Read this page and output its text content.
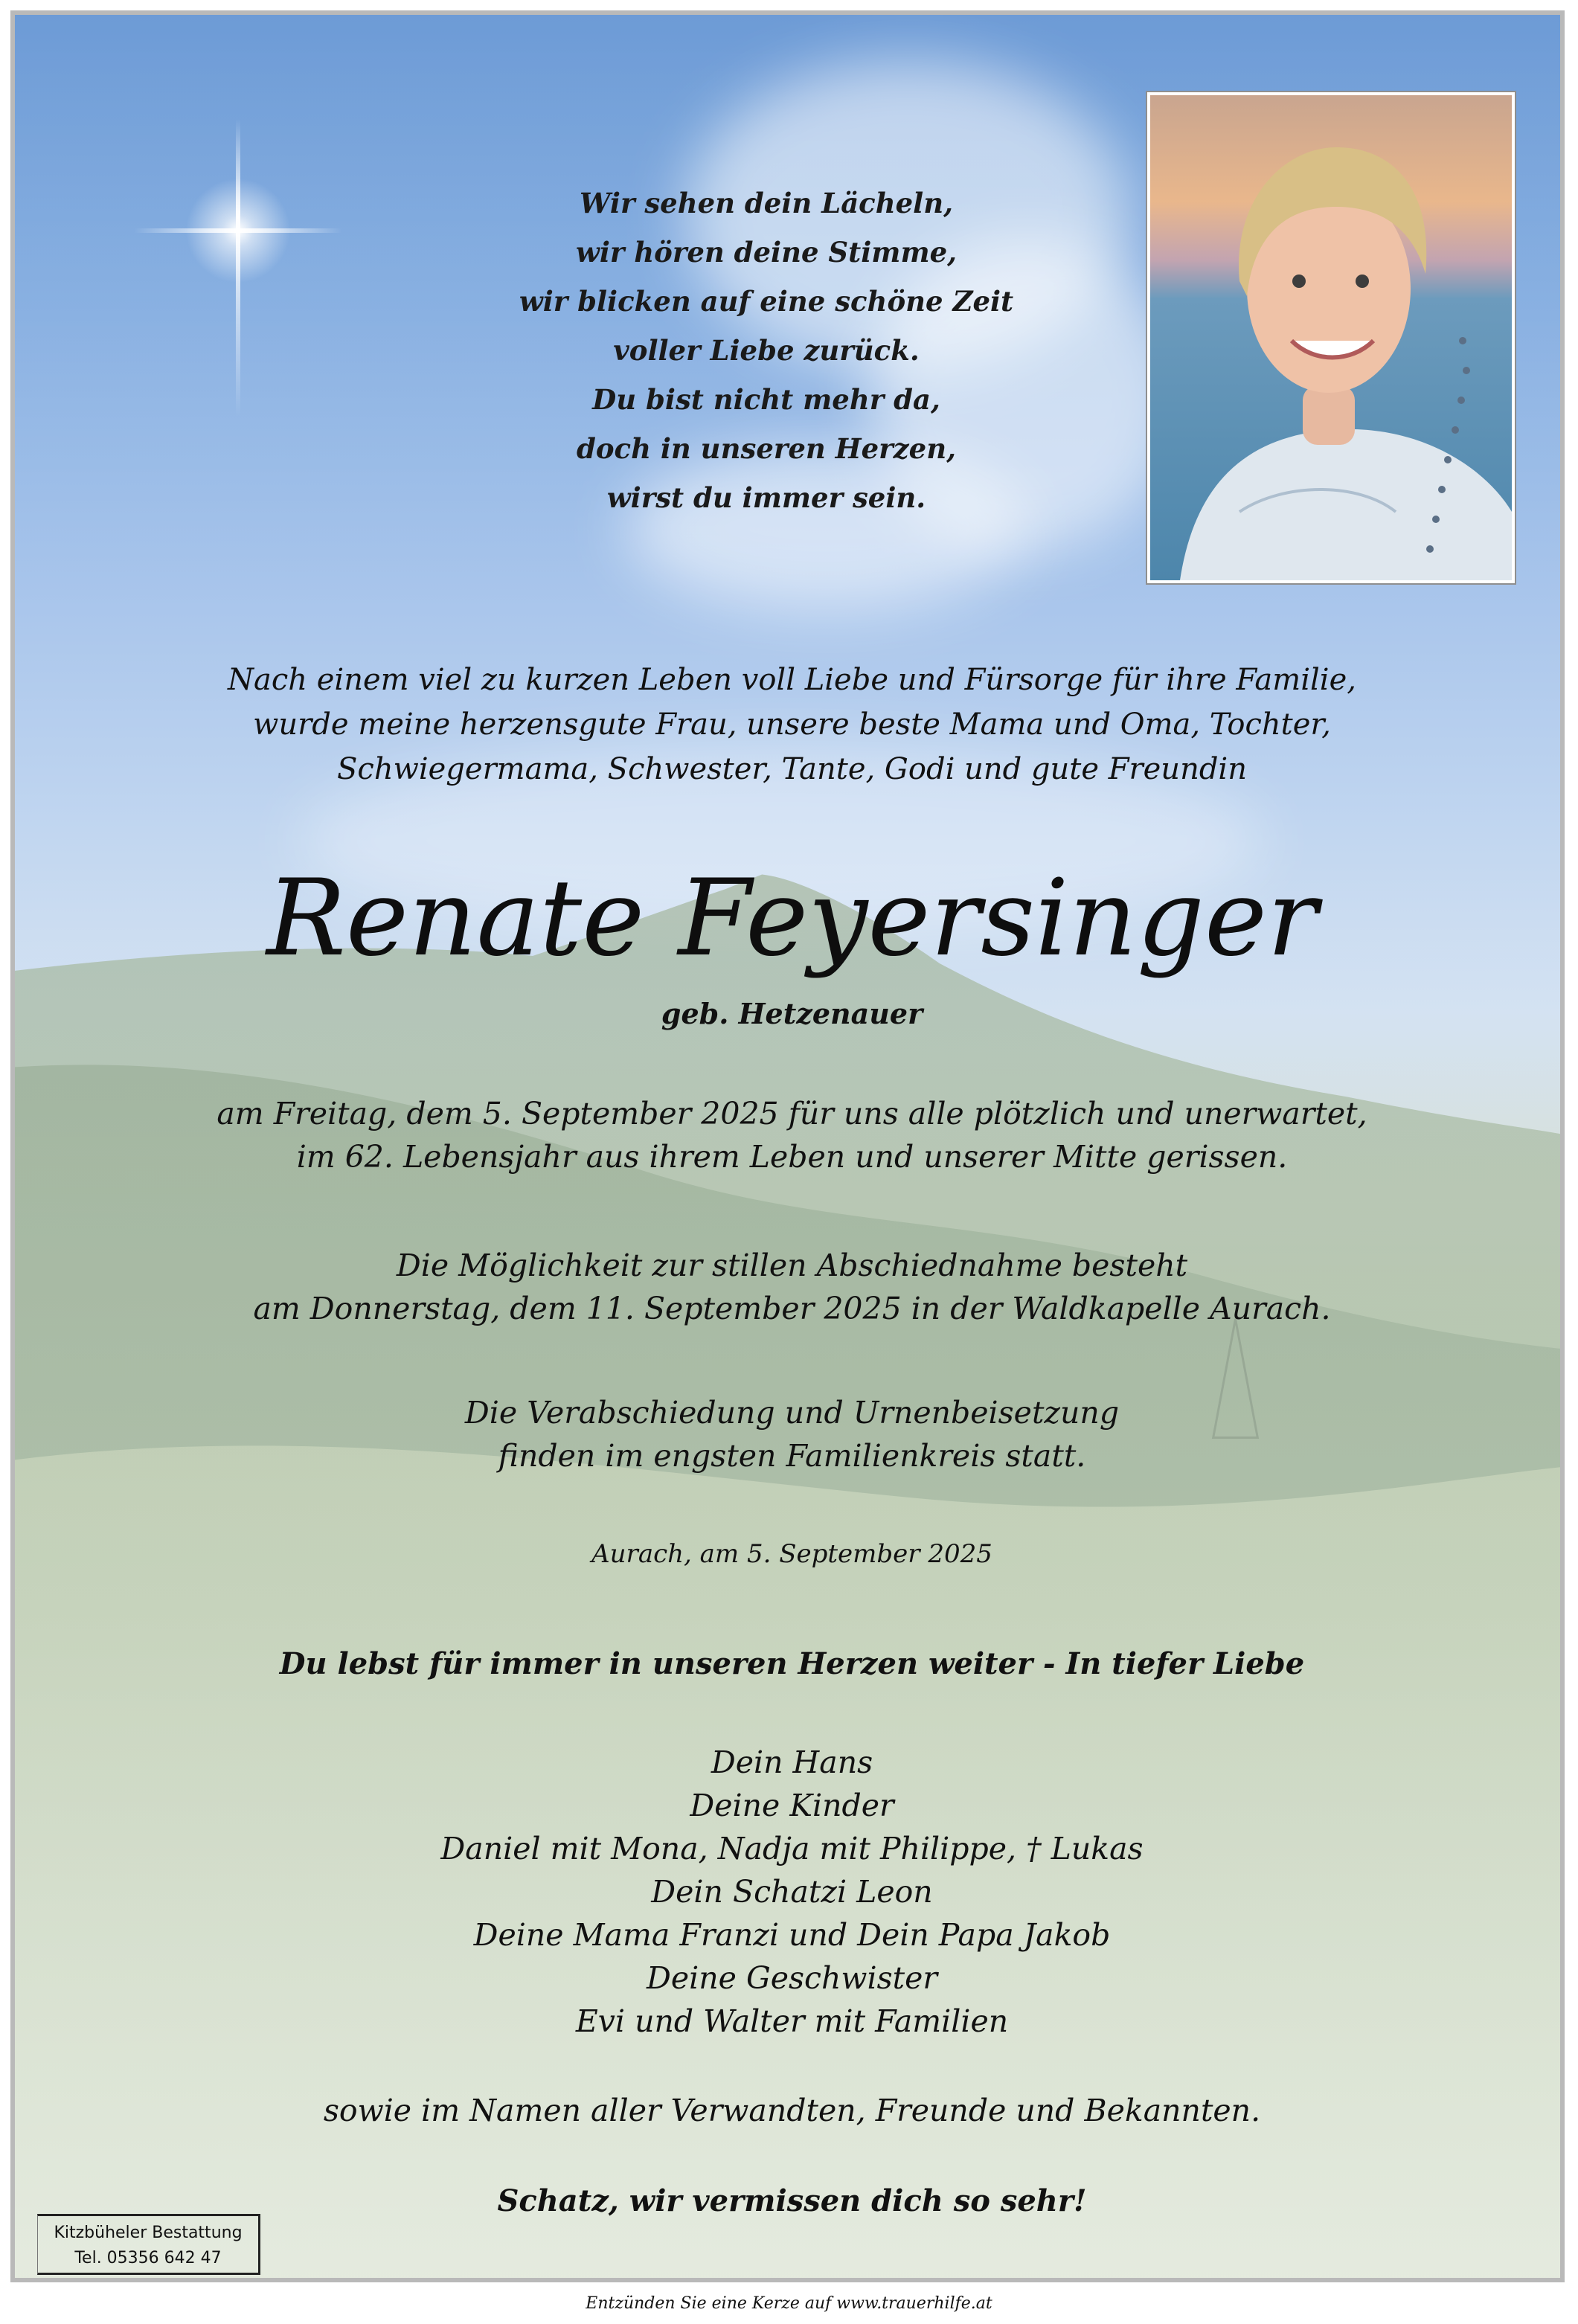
Wir sehen dein Lächeln,
wir hören deine Stimme,
wir blicken auf eine schöne Zeit
voller Liebe zurück.
Du bist nicht mehr da,
doch in unseren Herzen,
wirst du immer sein.
Nach einem viel zu kurzen Leben voll Liebe und Fürsorge für ihre Familie,
wurde meine herzensgute Frau, unsere beste Mama und Oma, Tochter,
Schwiegermama, Schwester, Tante, Godi und gute Freundin
Renate Feyersinger
geb. Hetzenauer
am Freitag, dem 5. September 2025 für uns alle plötzlich und unerwartet,
im 62. Lebensjahr aus ihrem Leben und unserer Mitte gerissen.
Die Möglichkeit zur stillen Abschiednahme besteht
am Donnerstag, dem 11. September 2025 in der Waldkapelle Aurach.
Die Verabschiedung und Urnenbeisetzung
finden im engsten Familienkreis statt.
Aurach, am 5. September 2025
Du lebst für immer in unseren Herzen weiter - In tiefer Liebe
Dein Hans
Deine Kinder
Daniel mit Mona, Nadja mit Philippe, † Lukas
Dein Schatzi Leon
Deine Mama Franzi und Dein Papa Jakob
Deine Geschwister
Evi und Walter mit Familien
sowie im Namen aller Verwandten, Freunde und Bekannten.
Schatz, wir vermissen dich so sehr!
Kitzbüheler Bestattung
Tel. 05356 642 47
Entzünden Sie eine Kerze auf www.trauerhilfe.at
